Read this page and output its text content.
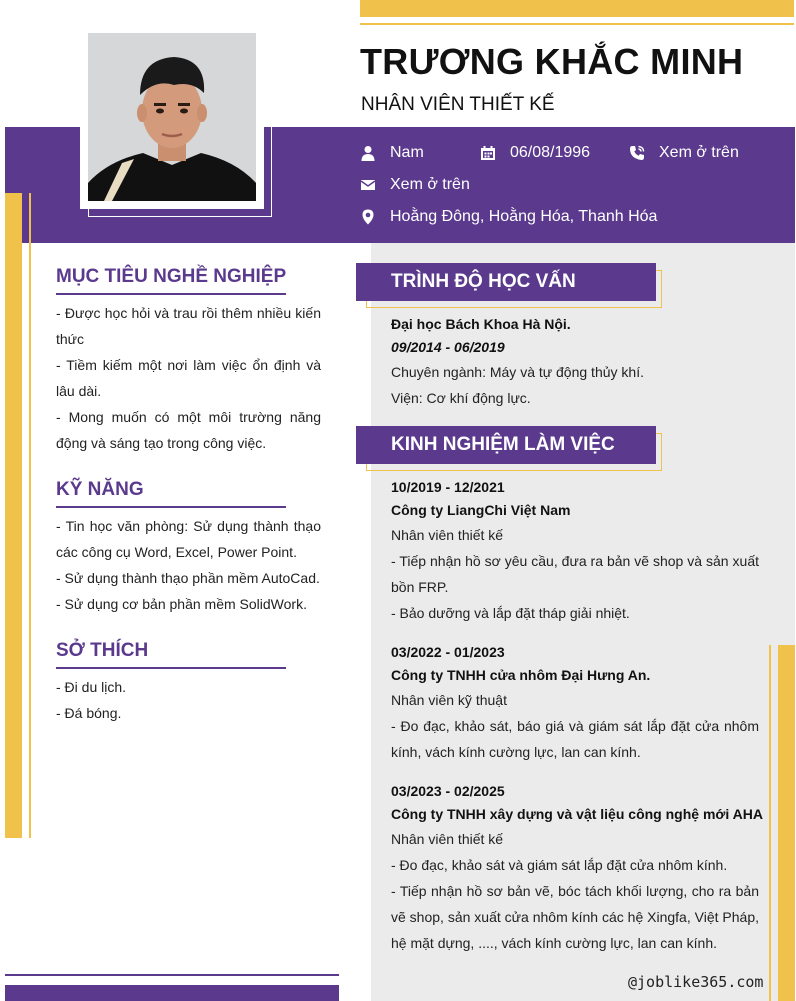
TRƯƠNG KHẮC MINH
NHÂN VIÊN THIẾT KẾ
Nam	06/08/1996	Xem ở trên
Xem ở trên
Hoằng Đông, Hoằng Hóa, Thanh Hóa
MỤC TIÊU NGHỀ NGHIỆP
- Được học hỏi và trau rồi thêm nhiều kiến thức
- Tiềm kiếm một nơi làm việc ổn định và lâu dài.
- Mong muốn có một môi trường năng động và sáng tạo trong công việc.
KỸ NĂNG
- Tin học văn phòng: Sử dụng thành thạo các công cụ Word, Excel, Power Point.
- Sử dụng thành thạo phần mềm AutoCad.
- Sử dụng cơ bản phần mềm SolidWork.
SỞ THÍCH
- Đi du lịch.
- Đá bóng.
TRÌNH ĐỘ HỌC VẤN
Đại học Bách Khoa Hà Nội.
09/2014 - 06/2019
Chuyên ngành: Máy và tự động thủy khí.
Viện: Cơ khí động lực.
KINH NGHIỆM LÀM VIỆC
10/2019 - 12/2021
Công ty LiangChi Việt Nam
Nhân viên thiết kế
- Tiếp nhận hồ sơ yêu cầu, đưa ra bản vẽ shop và sản xuất bồn FRP.
- Bảo dưỡng và lắp đặt tháp giải nhiệt.
03/2022 - 01/2023
Công ty TNHH cửa nhôm Đại Hưng An.
Nhân viên kỹ thuật
- Đo đạc, khảo sát, báo giá và giám sát lắp đặt cửa nhôm kính, vách kính cường lực, lan can kính.
03/2023 - 02/2025
Công ty TNHH xây dựng và vật liệu công nghệ mới AHA
Nhân viên thiết kế
- Đo đạc, khảo sát và giám sát lắp đặt cửa nhôm kính.
- Tiếp nhận hồ sơ bản vẽ, bóc tách khối lượng, cho ra bản vẽ shop, sản xuất cửa nhôm kính các hệ Xingfa, Việt Pháp, hệ mặt dựng, ...., vách kính cường lực, lan can kính.
@joblike365.com
